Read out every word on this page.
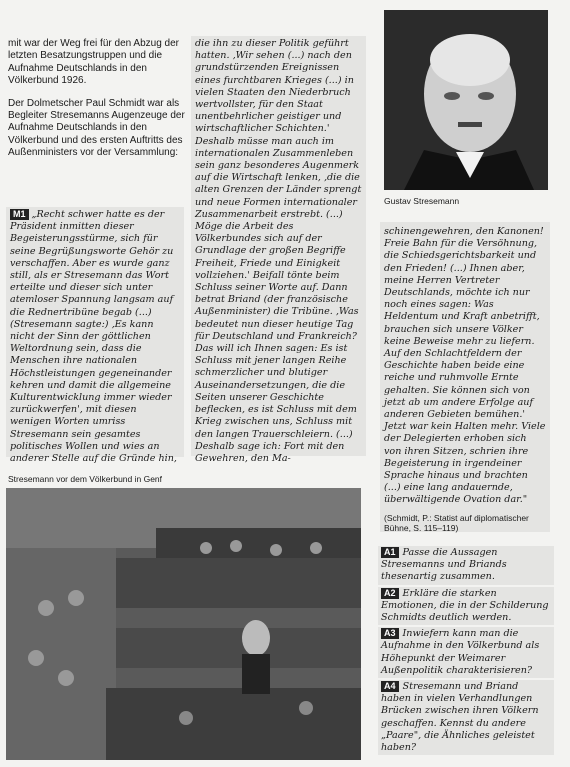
mit war der Weg frei für den Abzug der letzten Besatzungstruppen und die Aufnahme Deutschlands in den Völkerbund 1926.

Der Dolmetscher Paul Schmidt war als Begleiter Stresemanns Augenzeuge der Aufnahme Deutschlands in den Völkerbund und des ersten Auftritts des Außenministers vor der Versammlung:

M1 „Recht schwer hatte es der Präsident inmitten dieser Begeisterungsstürme, sich für seine Begrüßungsworte Gehör zu verschaffen. Aber es wurde ganz still, als er Stresemann das Wort erteilte und dieser sich unter atemloser Spannung langsam auf die Rednertribüne begab (...) (Stresemann sagte:) ‚Es kann nicht der Sinn der göttlichen Weltordnung sein, dass die Menschen ihre nationalen Höchstleistungen gegeneinander kehren und damit die allgemeine Kulturentwicklung immer wieder zurückwerfen', mit diesen wenigen Worten umriss Stresemann sein gesamtes politisches Wollen und wies an anderer Stelle auf die Gründe hin,
die ihn zu dieser Politik geführt hatten. ‚Wir sehen (...) nach den grundstürzenden Ereignissen eines furchtbaren Krieges (...) in vielen Staaten den Niederbruch wertvollster, für den Staat unentbehrlicher geistiger und wirtschaftlicher Schichten.' Deshalb müsse man auch im internationalen Zusammenleben sein ganz besonderes Augenmerk auf die Wirtschaft lenken, ‚die die alten Grenzen der Länder sprengt und neue Formen internationaler Zusammenarbeit erstrebt. (...) Möge die Arbeit des Völkerbundes sich auf der Grundlage der großen Begriffe Freiheit, Friede und Einigkeit vollziehen.' Beifall tönte beim Schluss seiner Worte auf. Dann betrat Briand (der französische Außenminister) die Tribüne. ‚Was bedeutet nun dieser heutige Tag für Deutschland und Frankreich? Das will ich Ihnen sagen: Es ist Schluss mit jener langen Reihe schmerzlicher und blutiger Auseinandersetzungen, die die Seiten unserer Geschichte beflecken, es ist Schluss mit dem Krieg zwischen uns, Schluss mit den langen Trauerschleiern. (...) Deshalb sage ich: Fort mit den Gewehren, den Ma-
Gustav Stresemann
schinengewehren, den Kanonen! Freie Bahn für die Versöhnung, die Schiedsgerichtsbarkeit und den Frieden! (...) Ihnen aber, meine Herren Vertreter Deutschlands, möchte ich nur noch eines sagen: Was Heldentum und Kraft anbetrifft, brauchen sich unsere Völker keine Beweise mehr zu liefern. Auf den Schlachtfeldern der Geschichte haben beide eine reiche und ruhmvolle Ernte gehalten. Sie können sich von jetzt ab um andere Erfolge auf anderen Gebieten bemühen.' Jetzt war kein Halten mehr. Viele der Delegierten erhoben sich von ihren Sitzen, schrien ihre Begeisterung in irgendeiner Sprache hinaus und brachten (...) eine lang andauernde, überwältigende Ovation dar."
(Schmidt, P.: Statist auf diplomatischer Bühne, S. 115–119)
Stresemann vor dem Völkerbund in Genf
A1 Passe die Aussagen Stresemanns und Briands thesenartig zusammen.
A2 Erkläre die starken Emotionen, die in der Schilderung Schmidts deutlich werden.
A3 Inwiefern kann man die Aufnahme in den Völkerbund als Höhepunkt der Weimarer Außenpolitik charakterisieren?
A4 Stresemann und Briand haben in vielen Verhandlungen Brücken zwischen ihren Völkern geschaffen. Kennst du andere „Paare", die Ähnliches geleistet haben?
